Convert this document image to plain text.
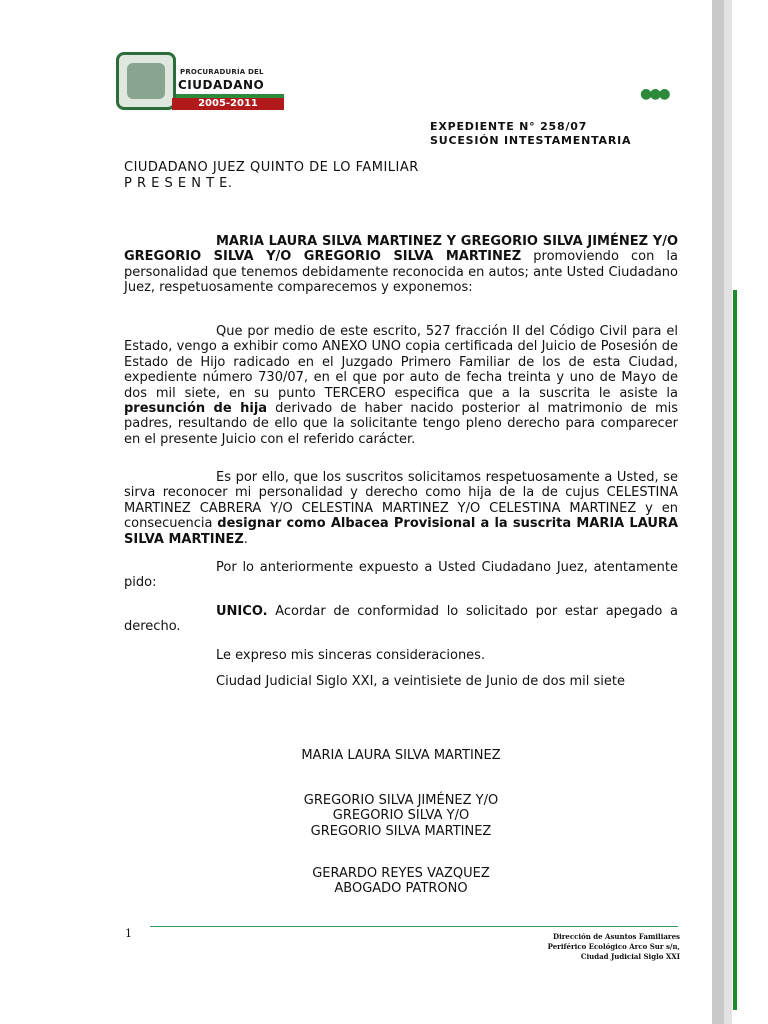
PROCURADURÍA DEL
CIUDADANO
2005-2011
●●●
EXPEDIENTE N° 258/07
SUCESIÓN INTESTAMENTARIA
CIUDADANO JUEZ QUINTO DE LO FAMILIAR
P R E S E N T E.
MARIA LAURA SILVA MARTINEZ Y GREGORIO SILVA JIMÉNEZ Y/O GREGORIO SILVA Y/O GREGORIO SILVA MARTINEZ promoviendo con la personalidad que tenemos debidamente reconocida en autos; ante Usted Ciudadano Juez, respetuosamente comparecemos y exponemos:
Que por medio de este escrito, 527 fracción II del Código Civil para el Estado, vengo a exhibir como ANEXO UNO copia certificada del Juicio de Posesión de Estado de Hijo radicado en el Juzgado Primero Familiar de los de esta Ciudad, expediente número 730/07, en el que por auto de fecha treinta y uno de Mayo de dos mil siete, en su punto TERCERO especifica que a la suscrita le asiste la presunción de hija derivado de haber nacido posterior al matrimonio de mis padres, resultando de ello que la solicitante tengo pleno derecho para comparecer en el presente Juicio con el referido carácter.
Es por ello, que los suscritos solicitamos respetuosamente a Usted, se sirva reconocer mi personalidad y derecho como hija de la de cujus CELESTINA MARTINEZ CABRERA Y/O CELESTINA MARTINEZ Y/O CELESTINA MARTINEZ y en consecuencia designar como Albacea Provisional a la suscrita MARIA LAURA SILVA MARTINEZ.
Por lo anteriormente expuesto a Usted Ciudadano Juez, atentamente pido:
UNICO. Acordar de conformidad lo solicitado por estar apegado a derecho.
Le expreso mis sinceras consideraciones.
Ciudad Judicial Siglo XXI, a veintisiete de Junio de dos mil siete
MARIA LAURA SILVA MARTINEZ
GREGORIO SILVA JIMÉNEZ Y/O
GREGORIO SILVA Y/O
GREGORIO SILVA MARTINEZ
GERARDO REYES VAZQUEZ
ABOGADO PATRONO
1	Dirección de Asuntos Familiares
Periférico Ecológico Arco Sur s/n,
Ciudad Judicial Siglo XXI
